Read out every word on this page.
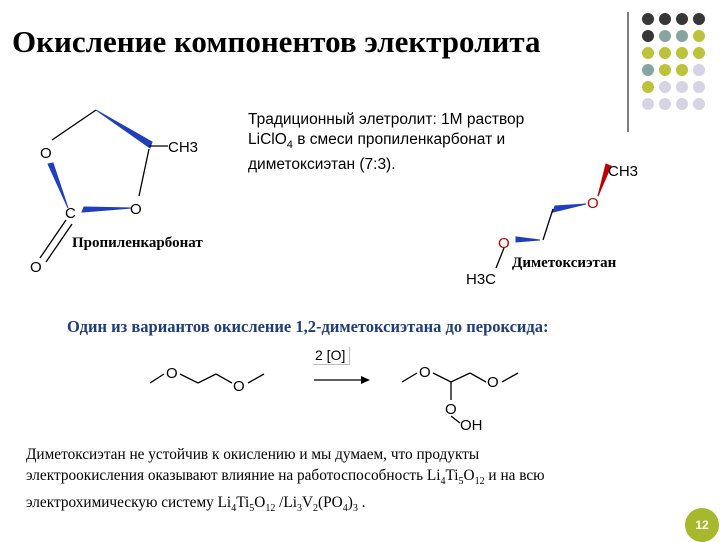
Окисление компонентов электролита
Традиционный элетролит: 1М раствор
LiClO$_4$ в смеси пропиленкарбонат и
диметоксиэтан (7:3).
O	CH3
O
C
O
CH3
O
O
H3C
O
O
O
O
O
OH
Пропиленкарбонат
Диметоксиэтан
Один из вариантов окисление 1,2-диметоксиэтана до пероксида:
2 [O]
Диметоксиэтан не устойчив к окислению и мы думаем, что продукты
электроокисления оказывают влияние на работоспособность $Li_4Ti_5O_{12}$ и на всю
электрохимическую систему $Li_4Ti_5O_{12}$ $/Li_3V_2(PO_4)_3$ .
12
